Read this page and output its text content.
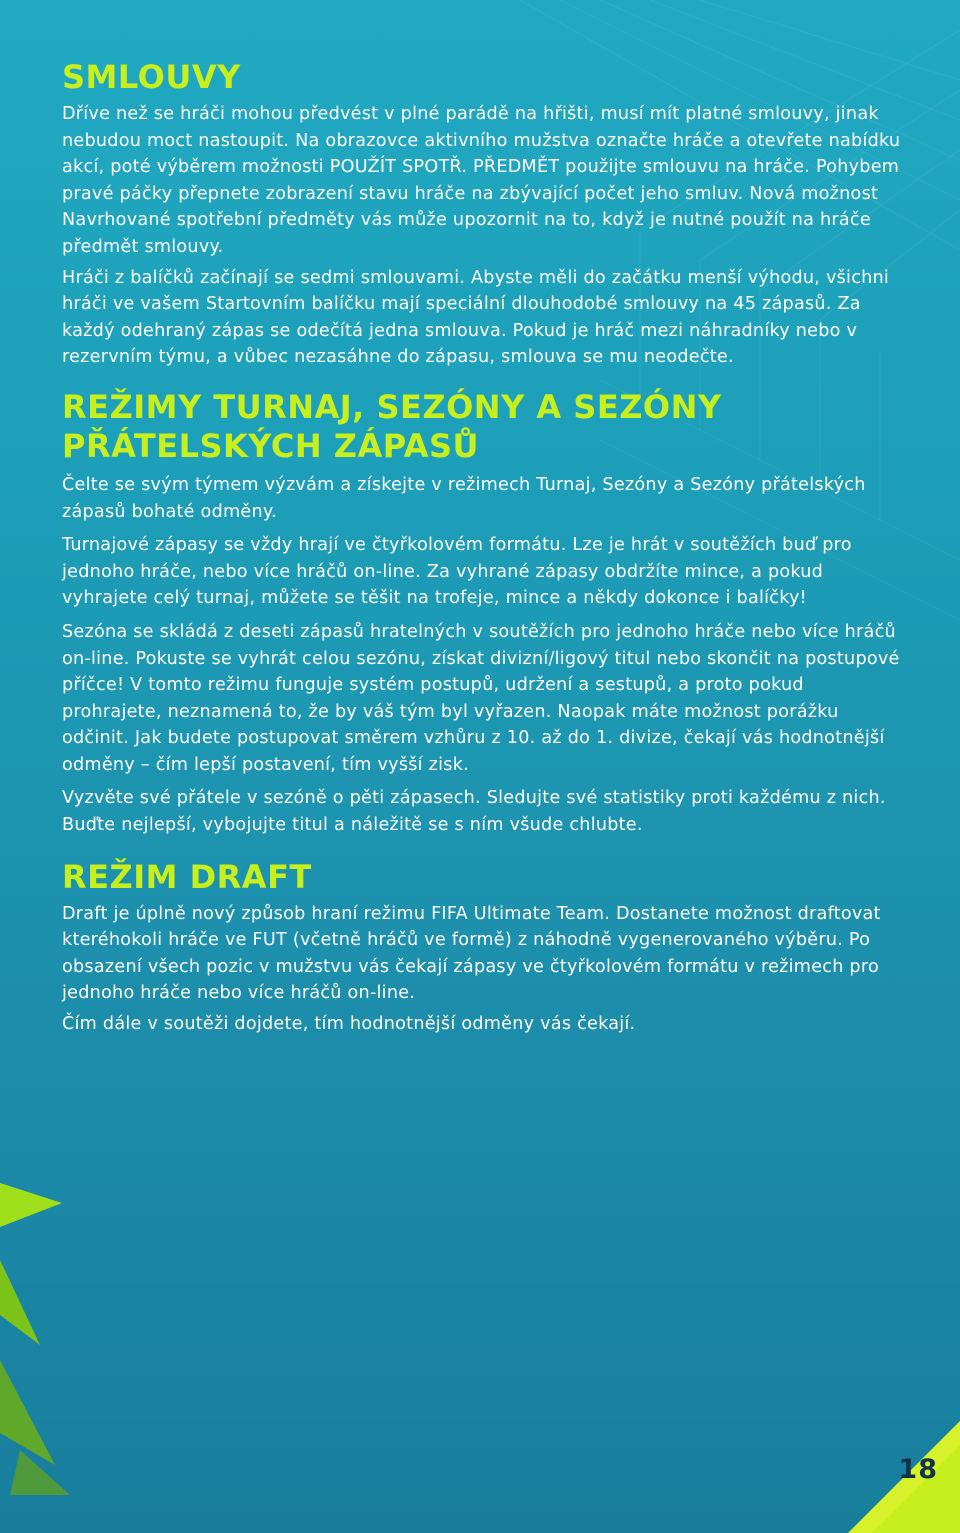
18
SMLOUVY

Dříve než se hráči mohou předvést v plné parádě na hřišti, musí mít platné smlouvy, jinak nebudou moct nastoupit. Na obrazovce aktivního mužstva označte hráče a otevřete nabídku akcí, poté výběrem možnosti POUŽÍT SPOTŘ. PŘEDMĚT použijte smlouvu na hráče. Pohybem pravé páčky přepnete zobrazení stavu hráče na zbývající počet jeho smluv. Nová možnost Navrhované spotřební předměty vás může upozornit na to, když je nutné použít na hráče předmět smlouvy.

Hráči z balíčků začínají se sedmi smlouvami. Abyste měli do začátku menší výhodu, všichni hráči ve vašem Startovním balíčku mají speciální dlouhodobé smlouvy na 45 zápasů. Za každý odehraný zápas se odečítá jedna smlouva. Pokud je hráč mezi náhradníky nebo v rezervním týmu, a vůbec nezasáhne do zápasu, smlouva se mu neodečte.

REŽIMY TURNAJ, SEZÓNY A SEZÓNY
PŘÁTELSKÝCH ZÁPASŮ

Čelte se svým týmem výzvám a získejte v režimech Turnaj, Sezóny a Sezóny přátelských zápasů bohaté odměny.

Turnajové zápasy se vždy hrají ve čtyřkolovém formátu. Lze je hrát v soutěžích buď pro jednoho hráče, nebo více hráčů on-line. Za vyhrané zápasy obdržíte mince, a pokud vyhrajete celý turnaj, můžete se těšit na trofeje, mince a někdy dokonce i balíčky!

Sezóna se skládá z deseti zápasů hratelných v soutěžích pro jednoho hráče nebo více hráčů on-line. Pokuste se vyhrát celou sezónu, získat divizní/ligový titul nebo skončit na postupové příčce! V tomto režimu funguje systém postupů, udržení a sestupů, a proto pokud prohrajete, neznamená to, že by váš tým byl vyřazen. Naopak máte možnost porážku odčinit. Jak budete postupovat směrem vzhůru z 10. až do 1. divize, čekají vás hodnotnější odměny – čím lepší postavení, tím vyšší zisk.

Vyzvěte své přátele v sezóně o pěti zápasech. Sledujte své statistiky proti každému z nich. Buďte nejlepší, vybojujte titul a náležitě se s ním všude chlubte.

REŽIM DRAFT

Draft je úplně nový způsob hraní režimu FIFA Ultimate Team. Dostanete možnost draftovat kteréhokoli hráče ve FUT (včetně hráčů ve formě) z náhodně vygenerovaného výběru. Po obsazení všech pozic v mužstvu vás čekají zápasy ve čtyřkolovém formátu v režimech pro jednoho hráče nebo více hráčů on-line.

Čím dále v soutěži dojdete, tím hodnotnější odměny vás čekají.
